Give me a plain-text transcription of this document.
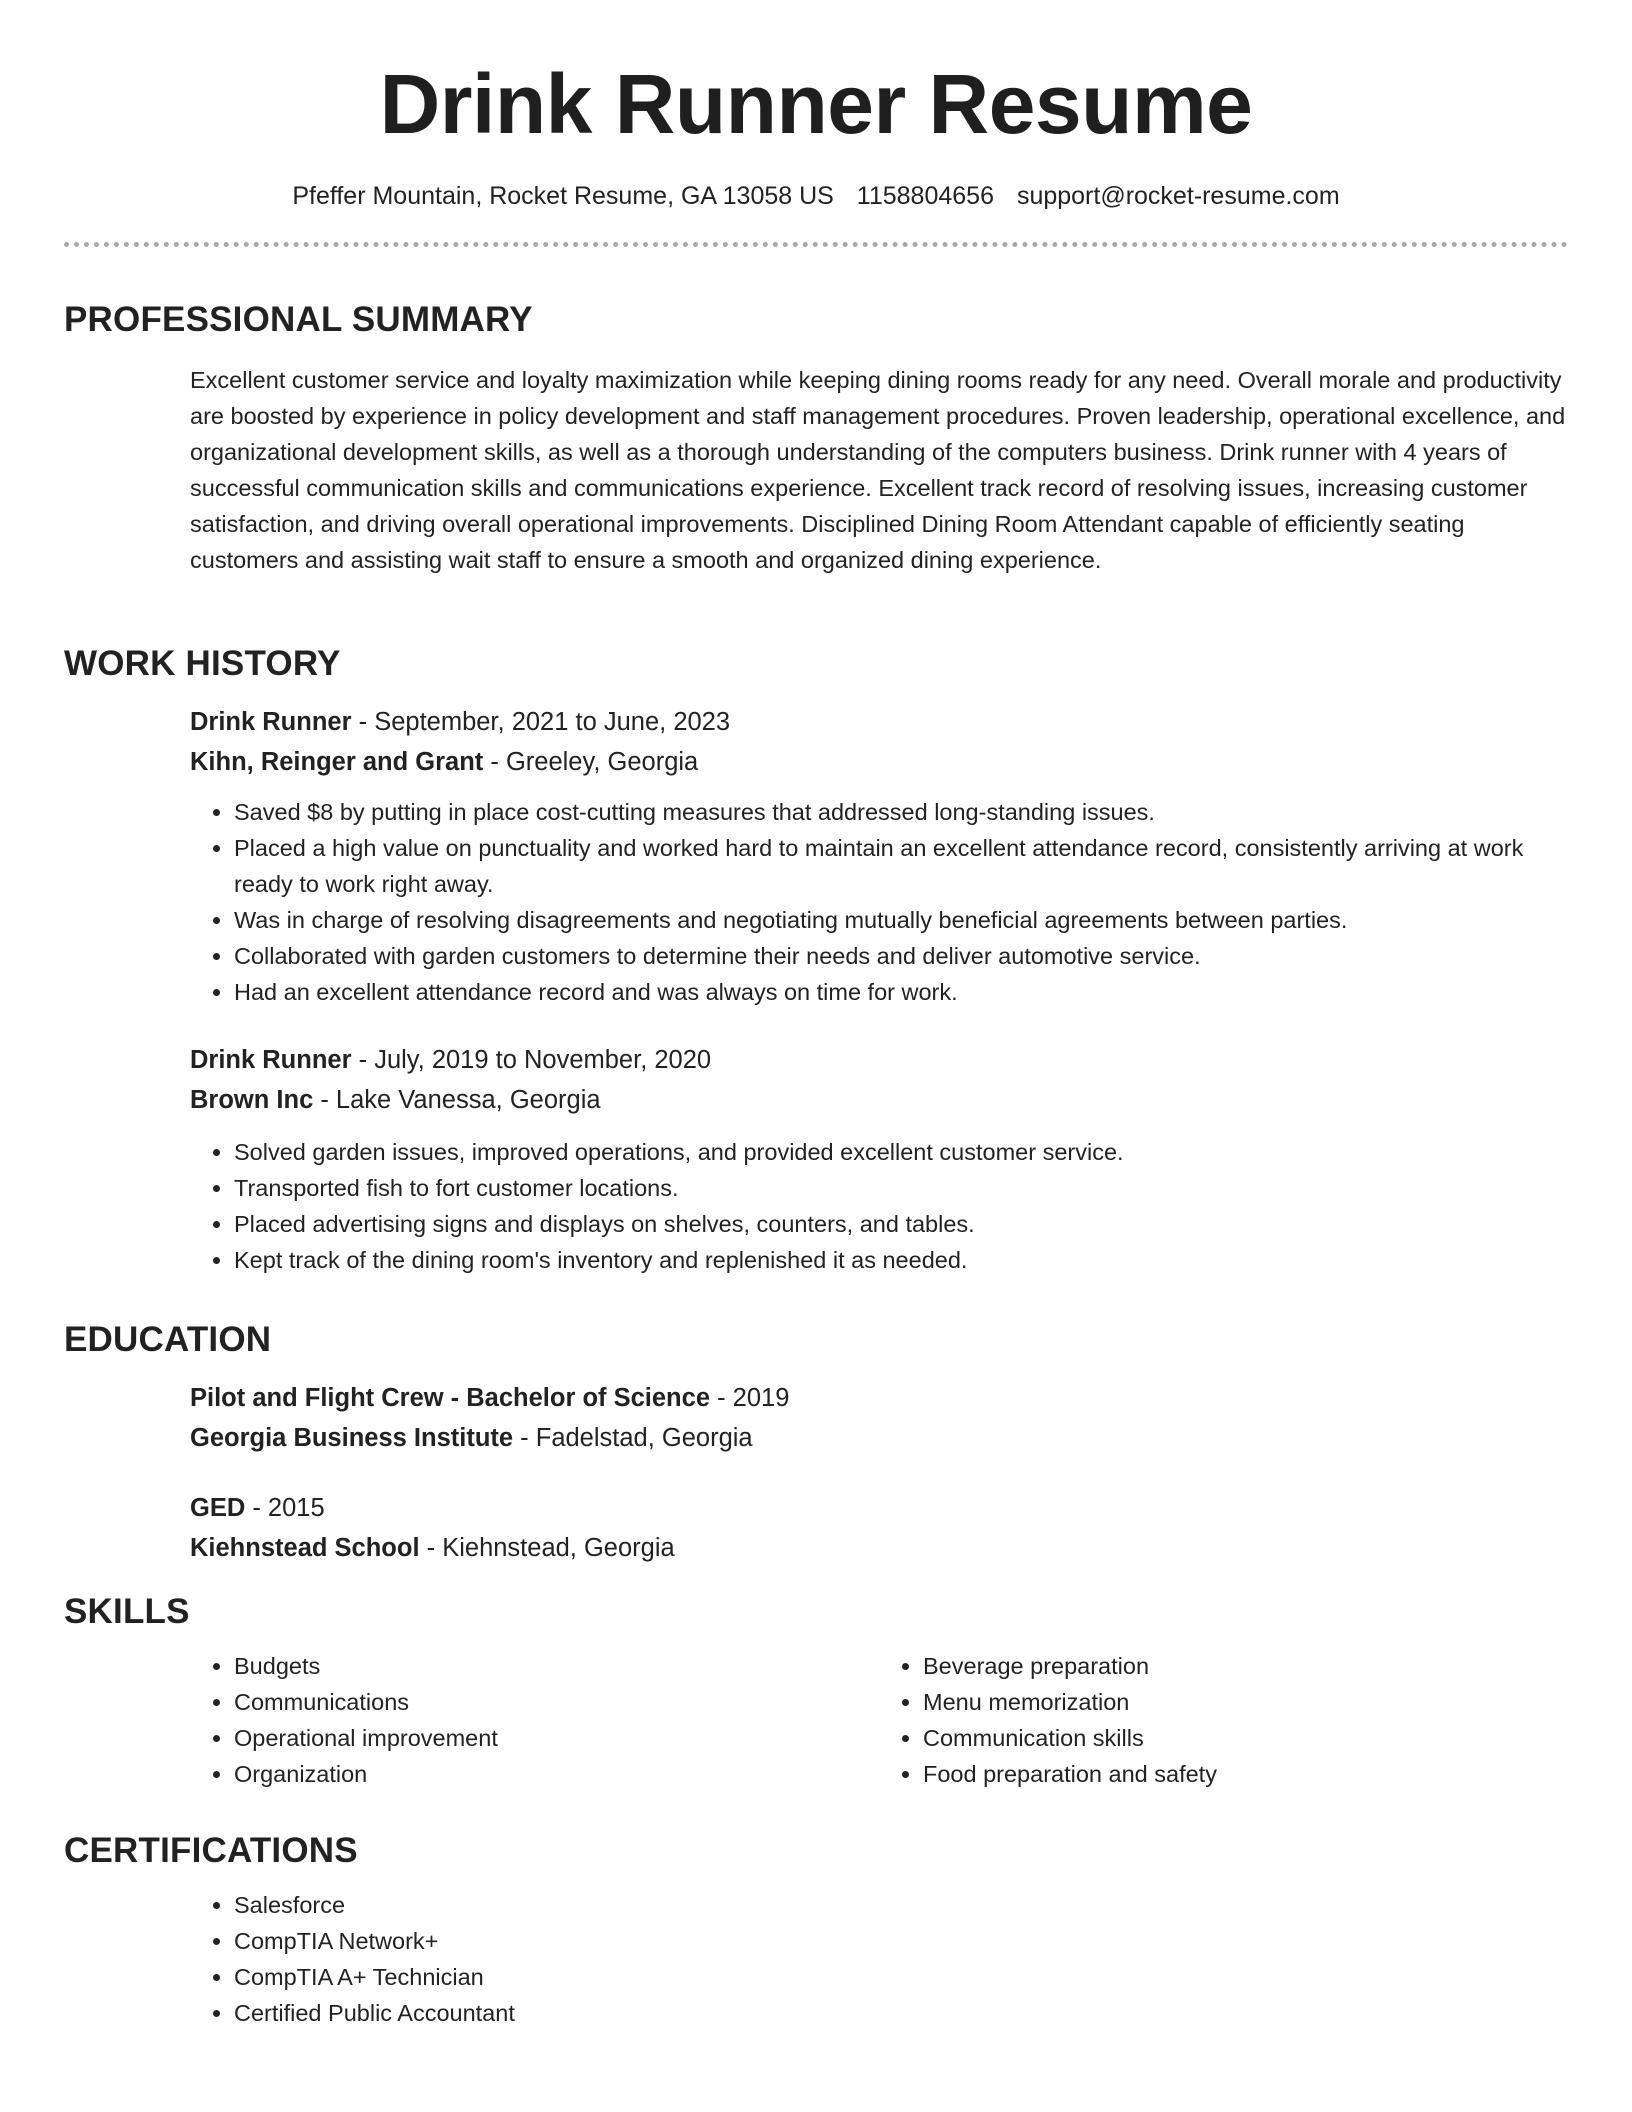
Drink Runner Resume
Pfeffer Mountain, Rocket Resume, GA 13058 US 1158804656 support@rocket-resume.com
PROFESSIONAL SUMMARY

Excellent customer service and loyalty maximization while keeping dining rooms ready for any need. Overall morale and productivity are boosted by experience in policy development and staff management procedures. Proven leadership, operational excellence, and organizational development skills, as well as a thorough understanding of the computers business. Drink runner with 4 years of successful communication skills and communications experience. Excellent track record of resolving issues, increasing customer satisfaction, and driving overall operational improvements. Disciplined Dining Room Attendant capable of efficiently seating customers and assisting wait staff to ensure a smooth and organized dining experience.

WORK HISTORY
Drink Runner - September, 2021 to June, 2023
Kihn, Reinger and Grant - Greeley, Georgia
• Saved $8 by putting in place cost-cutting measures that addressed long-standing issues.
• Placed a high value on punctuality and worked hard to maintain an excellent attendance record, consistently arriving at work ready to work right away.
• Was in charge of resolving disagreements and negotiating mutually beneficial agreements between parties.
• Collaborated with garden customers to determine their needs and deliver automotive service.
• Had an excellent attendance record and was always on time for work.
Drink Runner - July, 2019 to November, 2020
Brown Inc - Lake Vanessa, Georgia
• Solved garden issues, improved operations, and provided excellent customer service.
• Transported fish to fort customer locations.
• Placed advertising signs and displays on shelves, counters, and tables.
• Kept track of the dining room's inventory and replenished it as needed.
EDUCATION
Pilot and Flight Crew - Bachelor of Science - 2019
Georgia Business Institute - Fadelstad, Georgia
GED - 2015
Kiehnstead School - Kiehnstead, Georgia
SKILLS
• Budgets
• Communications
• Operational improvement
• Organization
• Beverage preparation
• Menu memorization
• Communication skills
• Food preparation and safety
CERTIFICATIONS
• Salesforce
• CompTIA Network+
• CompTIA A+ Technician
• Certified Public Accountant
